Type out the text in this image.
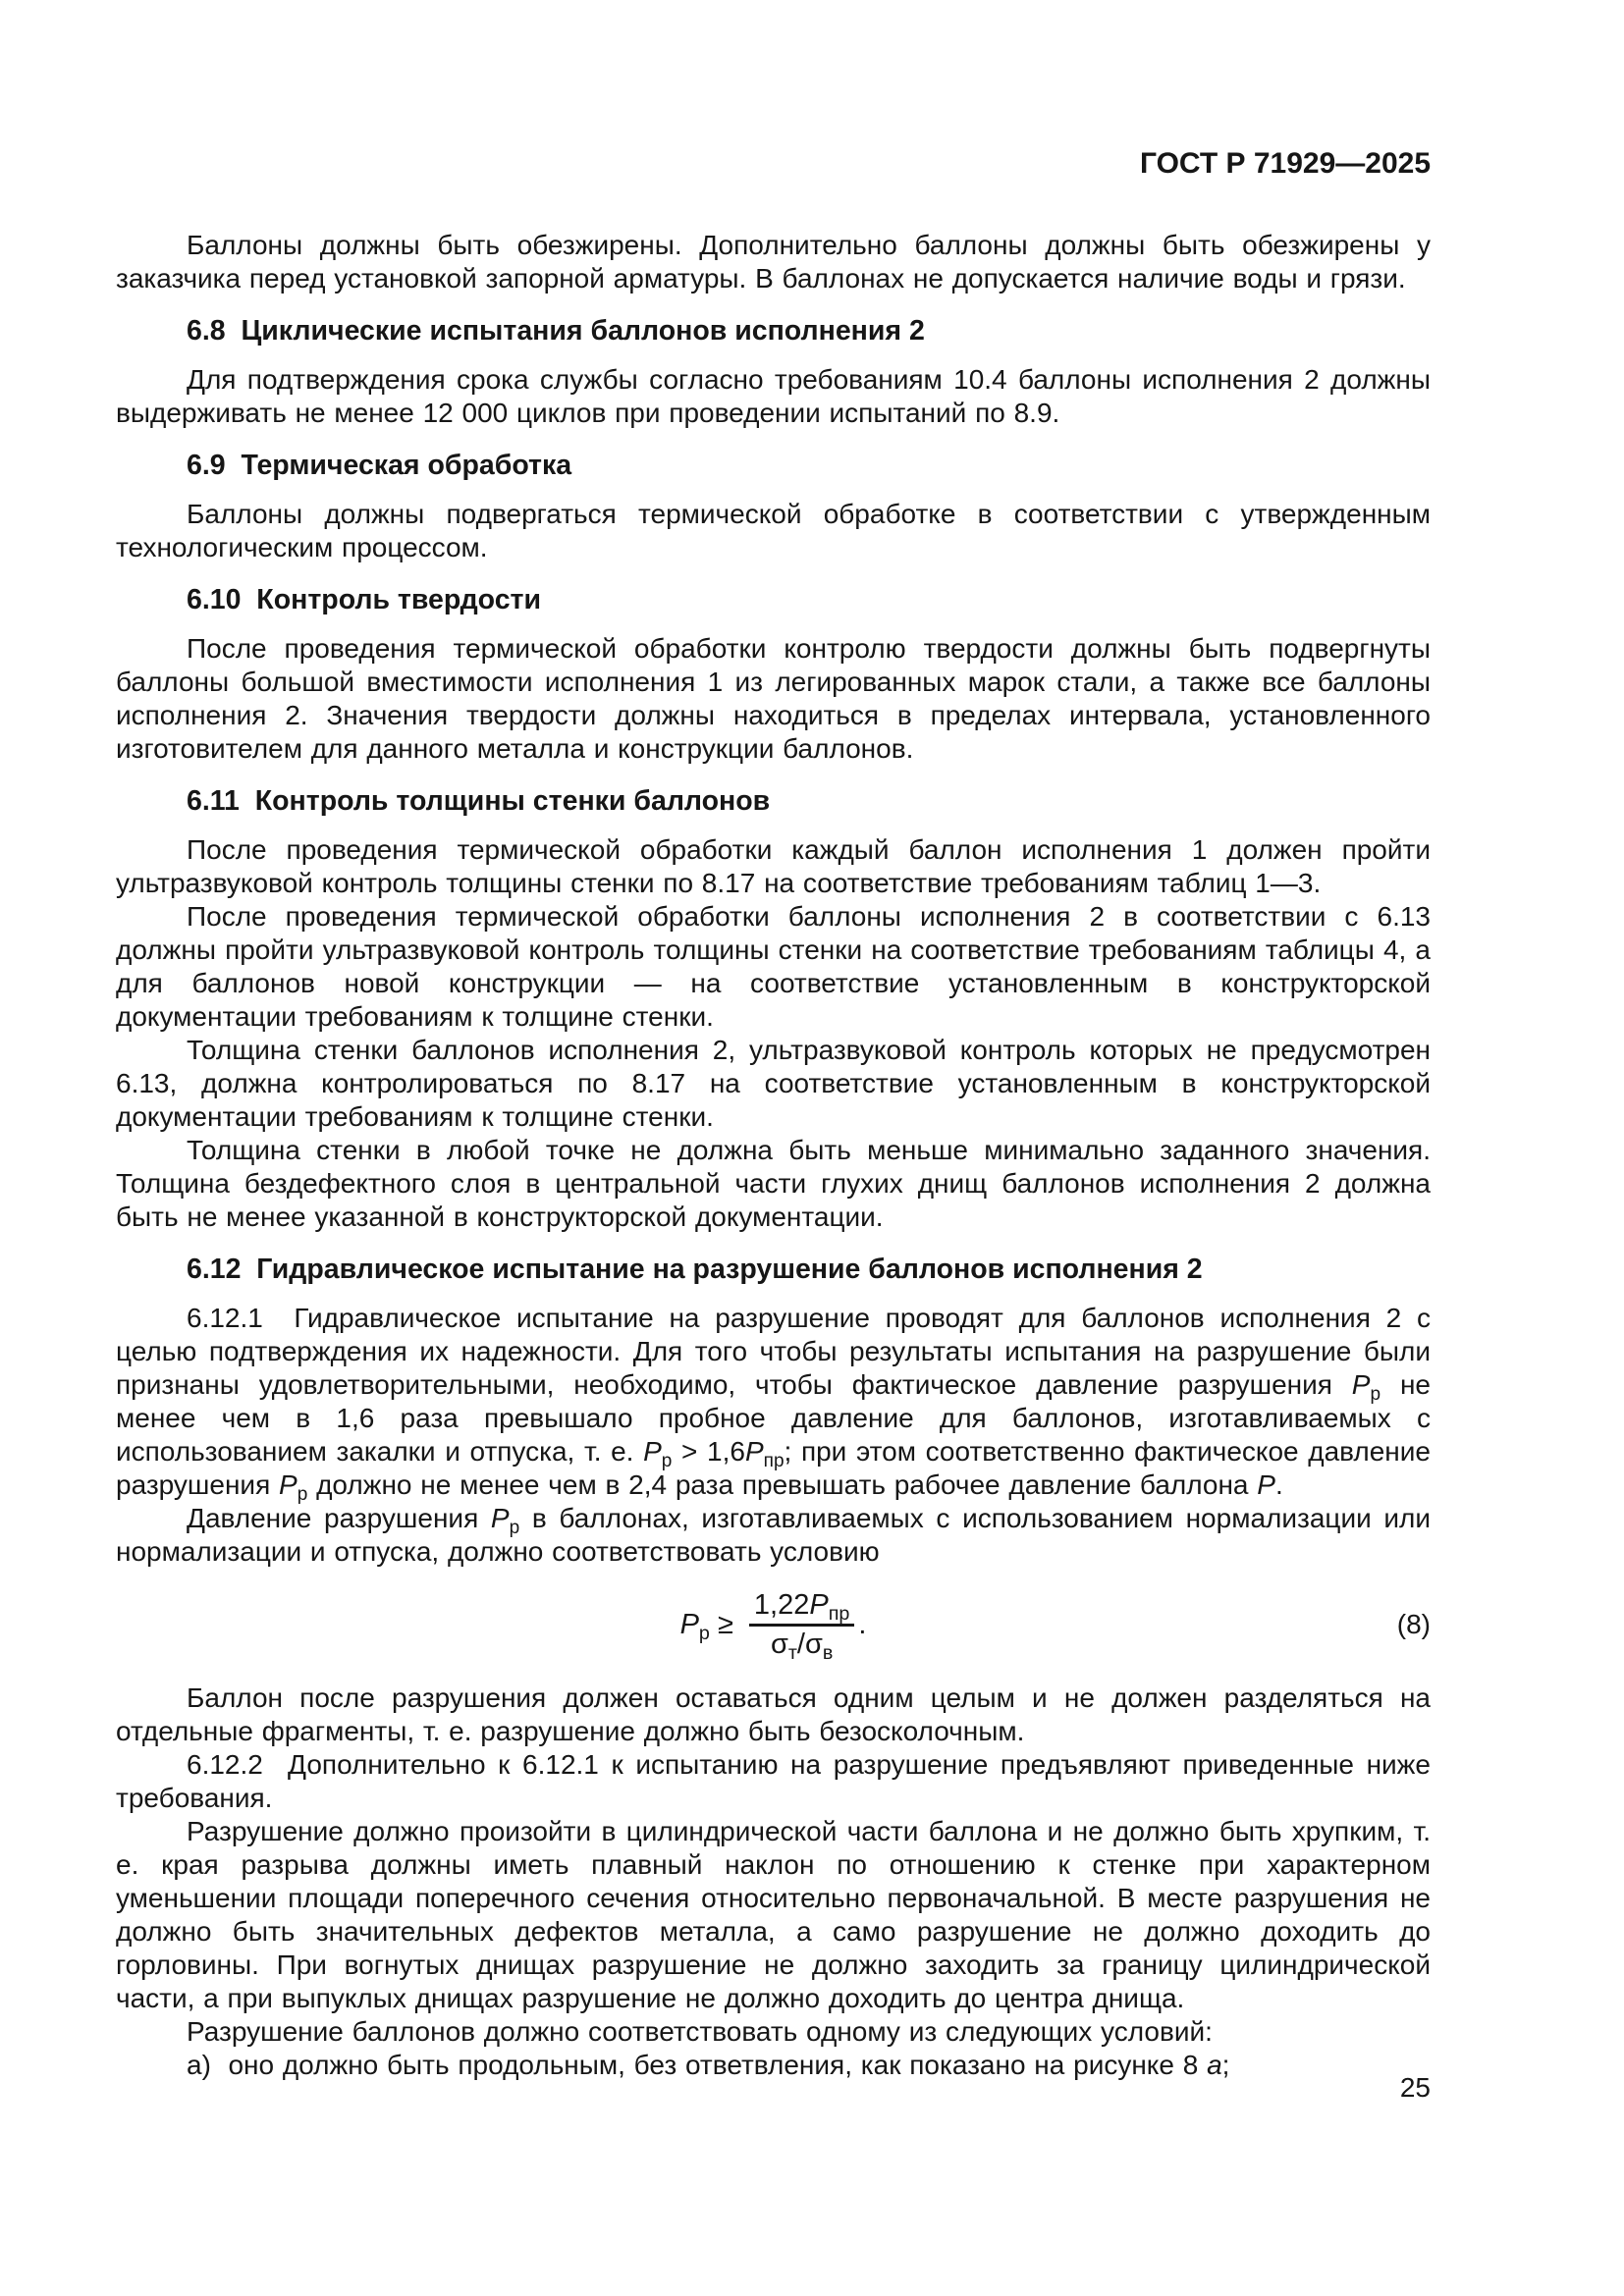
ГОСТ Р 71929—2025

Баллоны должны быть обезжирены. Дополнительно баллоны должны быть обезжирены у заказчика перед установкой запорной арматуры. В баллонах не допускается наличие воды и грязи.

6.8  Циклические испытания баллонов исполнения 2

Для подтверждения срока службы согласно требованиям 10.4 баллоны исполнения 2 должны выдерживать не менее 12 000 циклов при проведении испытаний по 8.9.

6.9  Термическая обработка

Баллоны должны подвергаться термической обработке в соответствии с утвержденным технологическим процессом.

6.10  Контроль твердости

После проведения термической обработки контролю твердости должны быть подвергнуты баллоны большой вместимости исполнения 1 из легированных марок стали, а также все баллоны исполнения 2. Значения твердости должны находиться в пределах интервала, установленного изготовителем для данного металла и конструкции баллонов.

6.11  Контроль толщины стенки баллонов

После проведения термической обработки каждый баллон исполнения 1 должен пройти ультразвуковой контроль толщины стенки по 8.17 на соответствие требованиям таблиц 1—3.

После проведения термической обработки баллоны исполнения 2 в соответствии с 6.13 должны пройти ультразвуковой контроль толщины стенки на соответствие требованиям таблицы 4, а для баллонов новой конструкции — на соответствие установленным в конструкторской документации требованиям к толщине стенки.

Толщина стенки баллонов исполнения 2, ультразвуковой контроль которых не предусмотрен 6.13, должна контролироваться по 8.17 на соответствие установленным в конструкторской документации требованиям к толщине стенки.

Толщина стенки в любой точке не должна быть меньше минимально заданного значения. Толщина бездефектного слоя в центральной части глухих днищ баллонов исполнения 2 должна быть не менее указанной в конструкторской документации.

6.12  Гидравлическое испытание на разрушение баллонов исполнения 2

6.12.1  Гидравлическое испытание на разрушение проводят для баллонов исполнения 2 с целью подтверждения их надежности. Для того чтобы результаты испытания на разрушение были признаны удовлетворительными, необходимо, чтобы фактическое давление разрушения $P_р$ не менее чем в 1,6 раза превышало пробное давление для баллонов, изготавливаемых с использованием закалки и отпуска, т. е. $P_р > 1,6P_{пр}$; при этом соответственно фактическое давление разрушения $P_р$ должно не менее чем в 2,4 раза превышать рабочее давление баллона P.

Давление разрушения $P_р$ в баллонах, изготавливаемых с использованием нормализации или нормализации и отпуска, должно соответствовать условию

$P_р \ge \frac{1,22P_{пр}}{\sigma_т/\sigma_в}$ .	(8)

Баллон после разрушения должен оставаться одним целым и не должен разделяться на отдельные фрагменты, т. е. разрушение должно быть безосколочным.

6.12.2  Дополнительно к 6.12.1 к испытанию на разрушение предъявляют приведенные ниже требования.

Разрушение должно произойти в цилиндрической части баллона и не должно быть хрупким, т. е. края разрыва должны иметь плавный наклон по отношению к стенке при характерном уменьшении площади поперечного сечения относительно первоначальной. В месте разрушения не должно быть значительных дефектов металла, а само разрушение не должно доходить до горловины. При вогнутых днищах разрушение не должно заходить за границу цилиндрической части, а при выпуклых днищах разрушение не должно доходить до центра днища.

Разрушение баллонов должно соответствовать одному из следующих условий:

а)  оно должно быть продольным, без ответвления, как показано на рисунке 8 а;

25
